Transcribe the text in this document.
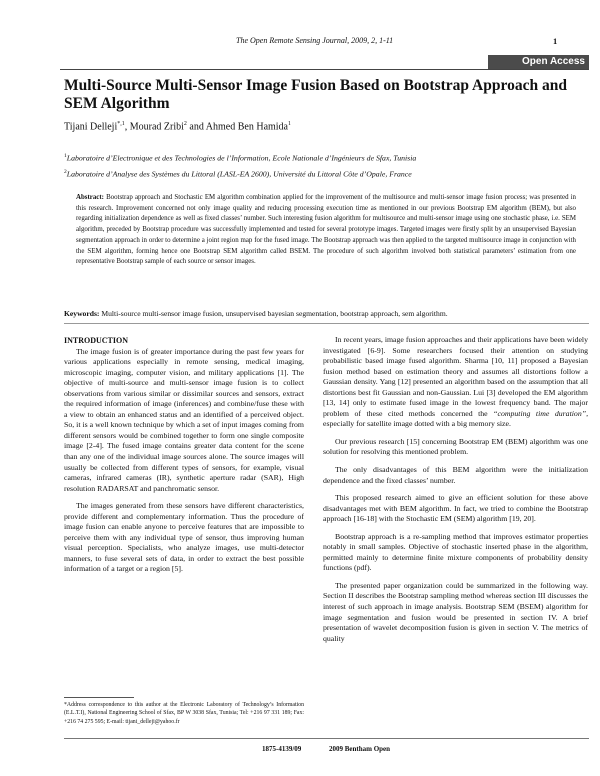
The Open Remote Sensing Journal, 2009, 2, 1-11	1
Open Access
Multi-Source Multi-Sensor Image Fusion Based on Bootstrap Approach and SEM Algorithm
Tijani Delleji$^{*,1}$, Mourad Zribi$^2$ and Ahmed Ben Hamida$^1$
$^1$Laboratoire d’Electronique et des Technologies de l’Information, Ecole Nationale d’Ingénieurs de Sfax, Tunisia
$^2$Laboratoire d’Analyse des Systèmes du Littoral (LASL-EA 2600), Université du Littoral Côte d’Opale, France
Abstract: Bootstrap approach and Stochastic EM algorithm combination applied for the improvement of the multisource and multi-sensor image fusion process; was presented in this research. Improvement concerned not only image quality and reducing processing execution time as mentioned in our previous Bootstrap EM algorithm (BEM), but also regarding initialization dependence as well as fixed classes’ number. Such interesting fusion algorithm for multisource and multi-sensor image using one stochastic phase, i.e. SEM algorithm, preceded by Bootstrap procedure was successfully implemented and tested for several prototype images. Targeted images were firstly split by an unsupervised Bayesian segmentation approach in order to determine a joint region map for the fused image. The Bootstrap approach was then applied to the targeted multisource image in conjunction with the SEM algorithm, forming hence one Bootstrap SEM algorithm called BSEM. The procedure of such algorithm involved both statistical parameters’ estimation from one representative Bootstrap sample of each source or sensor images.
Keywords: Multi-source multi-sensor image fusion, unsupervised bayesian segmentation, bootstrap approach, sem algorithm.

INTRODUCTION

The image fusion is of greater importance during the past few years for various applications especially in remote sensing, medical imaging, microscopic imaging, computer vision, and military applications [1]. The objective of multi-source and multi-sensor image fusion is to collect observations from various similar or dissimilar sources and sensors, extract the required information of image (inferences) and combine/fuse these with a view to obtain an enhanced status and an identified of a perceived object. So, it is a well known technique by which a set of input images coming from different sensors would be combined together to form one single composite image [2-4]. The fused image contains greater data content for the scene than any one of the individual image sources alone. The source images will usually be collected from different types of sensors, for example, visual cameras, infrared cameras (IR), synthetic aperture radar (SAR), High resolution RADARSAT and panchromatic sensor.

The images generated from these sensors have different characteristics, provide different and complementary information. Thus the procedure of image fusion can enable anyone to perceive features that are impossible to perceive them with any individual type of sensor, thus improving human visual perception. Specialists, who analyze images, use multi-detector manners, to fuse several sets of data, in order to extract the best possible information of a target or a region [5].

In recent years, image fusion approaches and their applications have been widely investigated [6-9]. Some researchers focused their attention on studying probabilistic based image fused algorithm. Sharma [10, 11] proposed a Bayesian fusion method based on estimation theory and assumes all distortions follow a Gaussian density. Yang [12] presented an algorithm based on the assumption that all distortions best fit Gaussian and non-Gaussian. Lui [3] developed the EM algorithm [13, 14] only to estimate fused image in the lowest frequency band. The major problem of these cited methods concerned the “computing time duration”, especially for satellite image dotted with a big memory size.

Our previous research [15] concerning Bootstrap EM (BEM) algorithm was one solution for resolving this mentioned problem.

The only disadvantages of this BEM algorithm were the initialization dependence and the fixed classes’ number.

This proposed research aimed to give an efficient solution for these above disadvantages met with BEM algorithm. In fact, we tried to combine the Bootstrap approach [16-18] with the Stochastic EM (SEM) algorithm [19, 20].

Bootstrap approach is a re-sampling method that improves estimator properties notably in small samples. Objective of stochastic inserted phase in the algorithm, permitted mainly to determine finite mixture components of probability density functions (pdf).

The presented paper organization could be summarized in the following way. Section II describes the Bootstrap sampling method whereas section III discusses the interest of such approach in image analysis. Bootstrap SEM (BSEM) algorithm for image segmentation and fusion would be presented in section IV. A brief presentation of wavelet decomposition fusion is given in section V. The metrics of quality

*Address correspondence to this author at the Electronic Laboratory of Technology’s Information (E.L.T.I), National Engineering School of Sfax, BP W 3038 Sfax, Tunisia; Tel: +216 97 331 189; Fax: +216 74 275 595; E-mail: tijani_delleji@yahoo.fr
1875-4139/09	2009 Bentham Open
